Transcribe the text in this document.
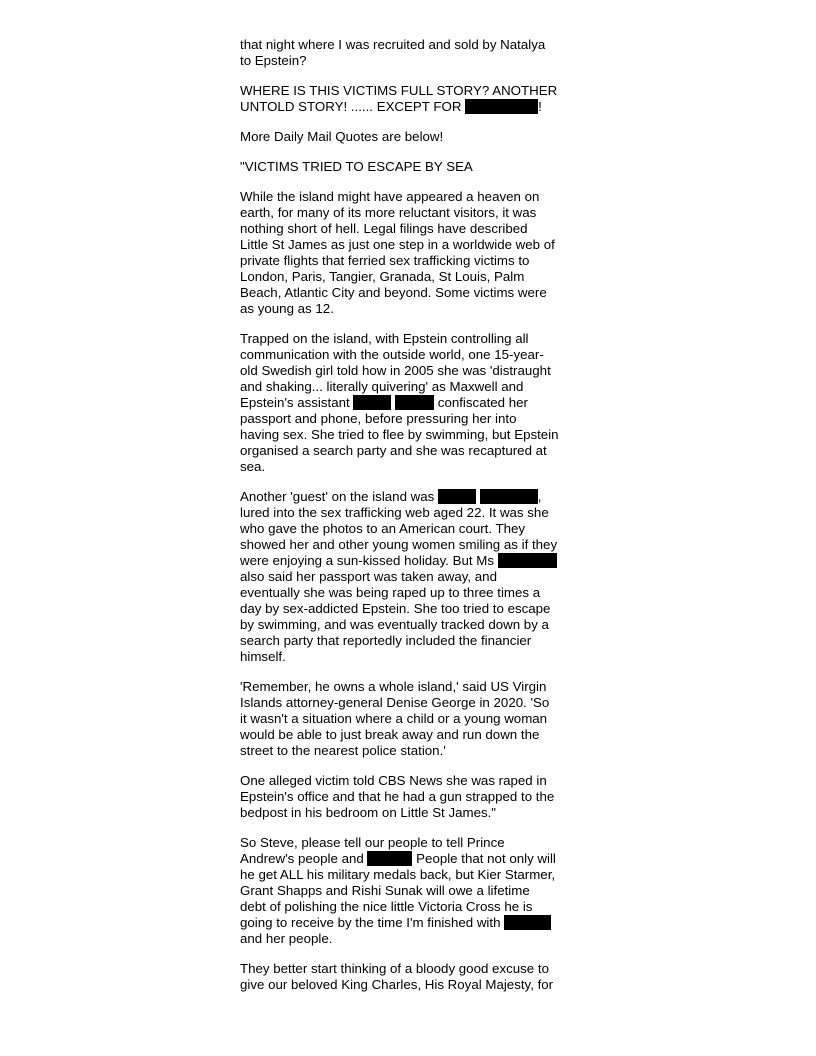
that night where I was recruited and sold by Natalya
to Epstein?

WHERE IS THIS VICTIMS FULL STORY? ANOTHER
UNTOLD STORY! ...... EXCEPT FOR	!

More Daily Mail Quotes are below!

"VICTIMS TRIED TO ESCAPE BY SEA

While the island might have appeared a heaven on
earth, for many of its more reluctant visitors, it was
nothing short of hell. Legal filings have described
Little St James as just one step in a worldwide web of
private flights that ferried sex trafficking victims to
London, Paris, Tangier, Granada, St Louis, Palm
Beach, Atlantic City and beyond. Some victims were
as young as 12.

Trapped on the island, with Epstein controlling all
communication with the outside world, one 15-year-
old Swedish girl told how in 2005 she was 'distraught
and shaking... literally quivering' as Maxwell and
Epstein's assistant	confiscated her
passport and phone, before pressuring her into
having sex. She tried to flee by swimming, but Epstein
organised a search party and she was recaptured at
sea.

Another 'guest' on the island was	,
lured into the sex trafficking web aged 22. It was she
who gave the photos to an American court. They
showed her and other young women smiling as if they
were enjoying a sun-kissed holiday. But Ms
also said her passport was taken away, and
eventually she was being raped up to three times a
day by sex-addicted Epstein. She too tried to escape
by swimming, and was eventually tracked down by a
search party that reportedly included the financier
himself.

'Remember, he owns a whole island,' said US Virgin
Islands attorney-general Denise George in 2020. 'So
it wasn't a situation where a child or a young woman
would be able to just break away and run down the
street to the nearest police station.'

One alleged victim told CBS News she was raped in
Epstein's office and that he had a gun strapped to the
bedpost in his bedroom on Little St James."

So Steve, please tell our people to tell Prince
Andrew's people and	People that not only will
he get ALL his military medals back, but Kier Starmer,
Grant Shapps and Rishi Sunak will owe a lifetime
debt of polishing the nice little Victoria Cross he is
going to receive by the time I'm finished with
and her people.

They better start thinking of a bloody good excuse to
give our beloved King Charles, His Royal Majesty, for
